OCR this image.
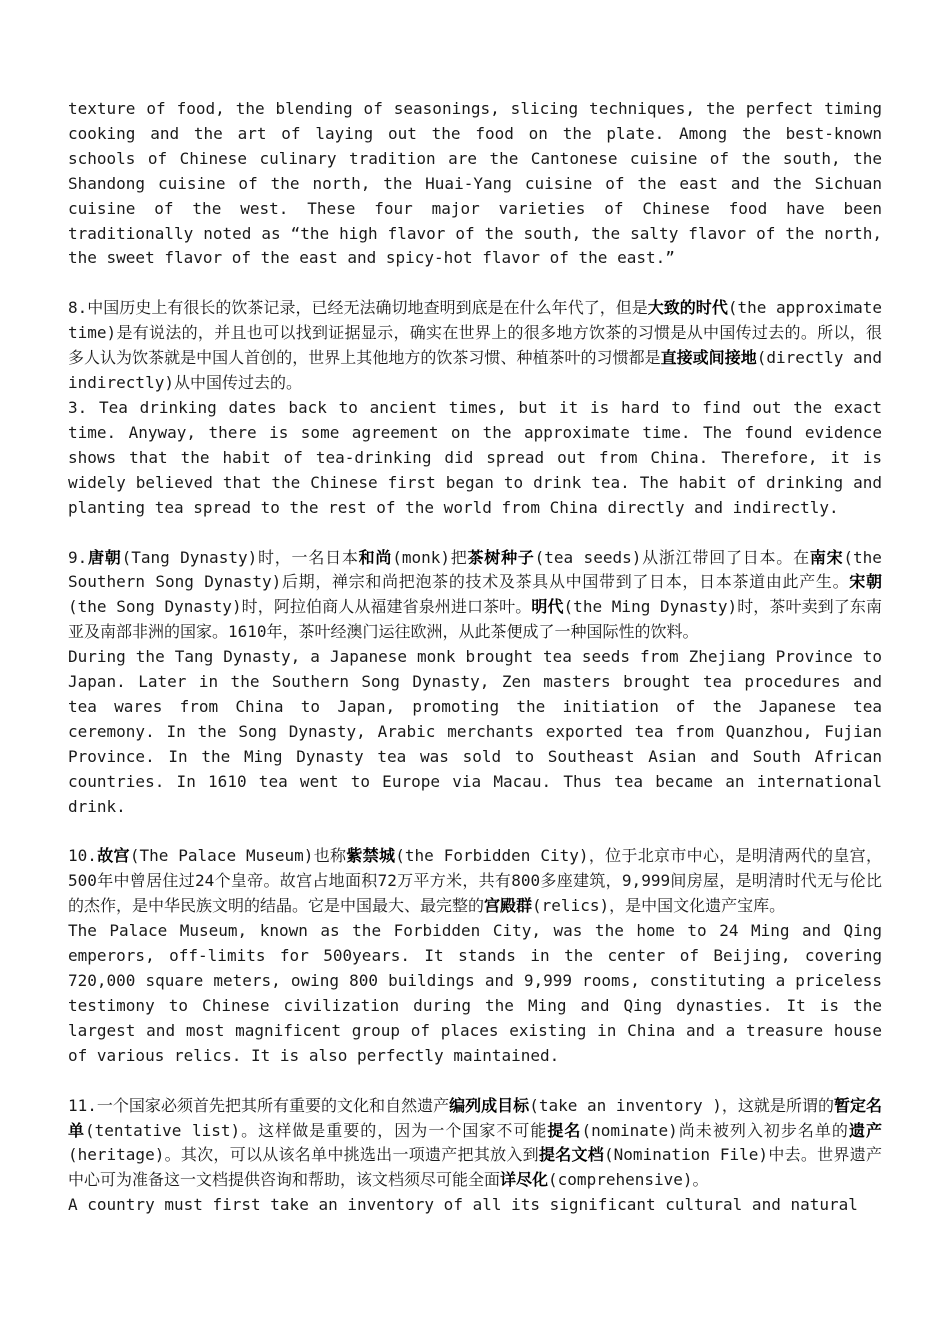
texture of food, the blending of seasonings, slicing techniques, the perfect timing cooking and the art of laying out the food on the plate. Among the best-known schools of Chinese culinary tradition are the Cantonese cuisine of the south, the Shandong cuisine of the north, the Huai-Yang cuisine of the east and the Sichuan cuisine of the west. These four major varieties of Chinese food have been traditionally noted as “the high flavor of the south, the salty flavor of the north, the sweet flavor of the east and spicy-hot flavor of the east.”

8.中国历史上有很长的饮茶记录，已经无法确切地查明到底是在什么年代了，但是大致的时代(the approximate time)是有说法的，并且也可以找到证据显示，确实在世界上的很多地方饮茶的习惯是从中国传过去的。所以，很多人认为饮茶就是中国人首创的，世界上其他地方的饮茶习惯、种植茶叶的习惯都是直接或间接地(directly and indirectly)从中国传过去的。

3. Tea drinking dates back to ancient times, but it is hard to find out the exact time. Anyway, there is some agreement on the approximate time. The found evidence shows that the habit of tea-drinking did spread out from China. Therefore, it is widely believed that the Chinese first began to drink tea. The habit of drinking and planting tea spread to the rest of the world from China directly and indirectly.

9.唐朝(Tang Dynasty)时，一名日本和尚(monk)把茶树种子(tea seeds)从浙江带回了日本。在南宋(the Southern Song Dynasty)后期，禅宗和尚把泡茶的技术及茶具从中国带到了日本，日本茶道由此产生。宋朝(the Song Dynasty)时，阿拉伯商人从福建省泉州进口茶叶。明代(the Ming Dynasty)时，茶叶卖到了东南亚及南部非洲的国家。1610年，茶叶经澳门运往欧洲，从此茶便成了一种国际性的饮料。

During the Tang Dynasty, a Japanese monk brought tea seeds from Zhejiang Province to Japan. Later in the Southern Song Dynasty, Zen masters brought tea procedures and tea wares from China to Japan, promoting the initiation of the Japanese tea ceremony. In the Song Dynasty, Arabic merchants exported tea from Quanzhou, Fujian Province. In the Ming Dynasty tea was sold to Southeast Asian and South African countries. In 1610 tea went to Europe via Macau. Thus tea became an international drink.

10.故宫(The Palace Museum)也称紫禁城(the Forbidden City)，位于北京市中心，是明清两代的皇宫，500年中曾居住过24个皇帝。故宫占地面积72万平方米，共有800多座建筑，9,999间房屋，是明清时代无与伦比的杰作，是中华民族文明的结晶。它是中国最大、最完整的宫殿群(relics)，是中国文化遗产宝库。

The Palace Museum, known as the Forbidden City, was the home to 24 Ming and Qing emperors, off-limits for 500years. It stands in the center of Beijing, covering 720,000 square meters, owing 800 buildings and 9,999 rooms, constituting a priceless testimony to Chinese civilization during the Ming and Qing dynasties. It is the largest and most magnificent group of places existing in China and a treasure house of various relics. It is also perfectly maintained.

11.一个国家必须首先把其所有重要的文化和自然遗产编列成目标(take an inventory )，这就是所谓的暂定名单(tentative list)。这样做是重要的，因为一个国家不可能提名(nominate)尚未被列入初步名单的遗产(heritage)。其次，可以从该名单中挑选出一项遗产把其放入到提名文档(Nomination File)中去。世界遗产中心可为准备这一文档提供咨询和帮助，该文档须尽可能全面详尽化(comprehensive)。

A country must first take an inventory of all its significant cultural and natural
